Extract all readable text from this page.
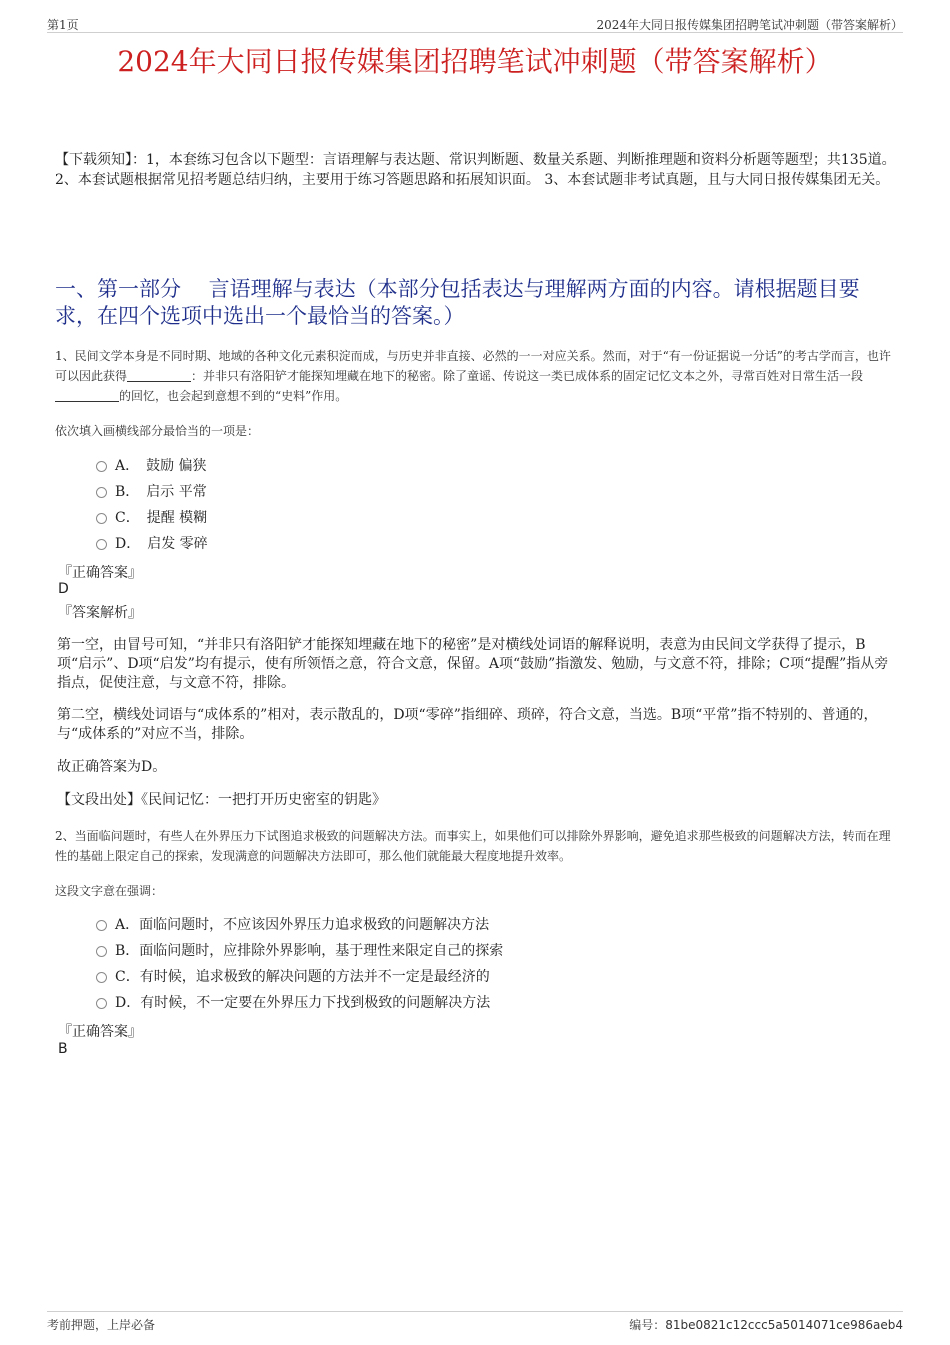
第1页	2024年大同日报传媒集团招聘笔试冲刺题（带答案解析）
2024年大同日报传媒集团招聘笔试冲刺题（带答案解析）
【下载须知】：1，本套练习包含以下题型：言语理解与表达题、常识判断题、数量关系题、判断推理题和资料分析题等题型；共135道。 2、本套试题根据常见招考题总结归纳，主要用于练习答题思路和拓展知识面。 3、本套试题非考试真题，且与大同日报传媒集团无关。
一、第一部分　 言语理解与表达（本部分包括表达与理解两方面的内容。请根据题目要求，在四个选项中选出一个最恰当的答案。）
1、民间文学本身是不同时期、地域的各种文化元素积淀而成，与历史并非直接、必然的一一对应关系。然而，对于“有一份证据说一分话”的考古学而言，也许可以因此获得	：并非只有洛阳铲才能探知埋藏在地下的秘密。除了童谣、传说这一类已成体系的固定记忆文本之外，寻常百姓对日常生活一段的回忆，也会起到意想不到的“史料”作用。
依次填入画横线部分最恰当的一项是：
A．　鼓励 偏狭
B．　启示 平常
C．　提醒 模糊
D．　启发 零碎
『正确答案』
D
『答案解析』
第一空，由冒号可知，“并非只有洛阳铲才能探知埋藏在地下的秘密”是对横线处词语的解释说明，表意为由民间文学获得了提示，B项“启示”、D项“启发”均有提示，使有所领悟之意，符合文意，保留。A项“鼓励”指激发、勉励，与文意不符，排除；C项“提醒”指从旁指点，促使注意，与文意不符，排除。
第二空，横线处词语与“成体系的”相对，表示散乱的，D项“零碎”指细碎、琐碎，符合文意，当选。B项“平常”指不特别的、普通的，与“成体系的”对应不当，排除。
故正确答案为D。
【文段出处】《民间记忆：一把打开历史密室的钥匙》
2、当面临问题时，有些人在外界压力下试图追求极致的问题解决方法。而事实上，如果他们可以排除外界影响，避免追求那些极致的问题解决方法，转而在理性的基础上限定自己的探索，发现满意的问题解决方法即可，那么他们就能最大程度地提升效率。
这段文字意在强调：
A．面临问题时，不应该因外界压力追求极致的问题解决方法
B．面临问题时，应排除外界影响，基于理性来限定自己的探索
C．有时候，追求极致的解决问题的方法并不一定是最经济的
D．有时候，不一定要在外界压力下找到极致的问题解决方法
『正确答案』
B
考前押题，上岸必备	编号：81be0821c12ccc5a5014071ce986aeb4
